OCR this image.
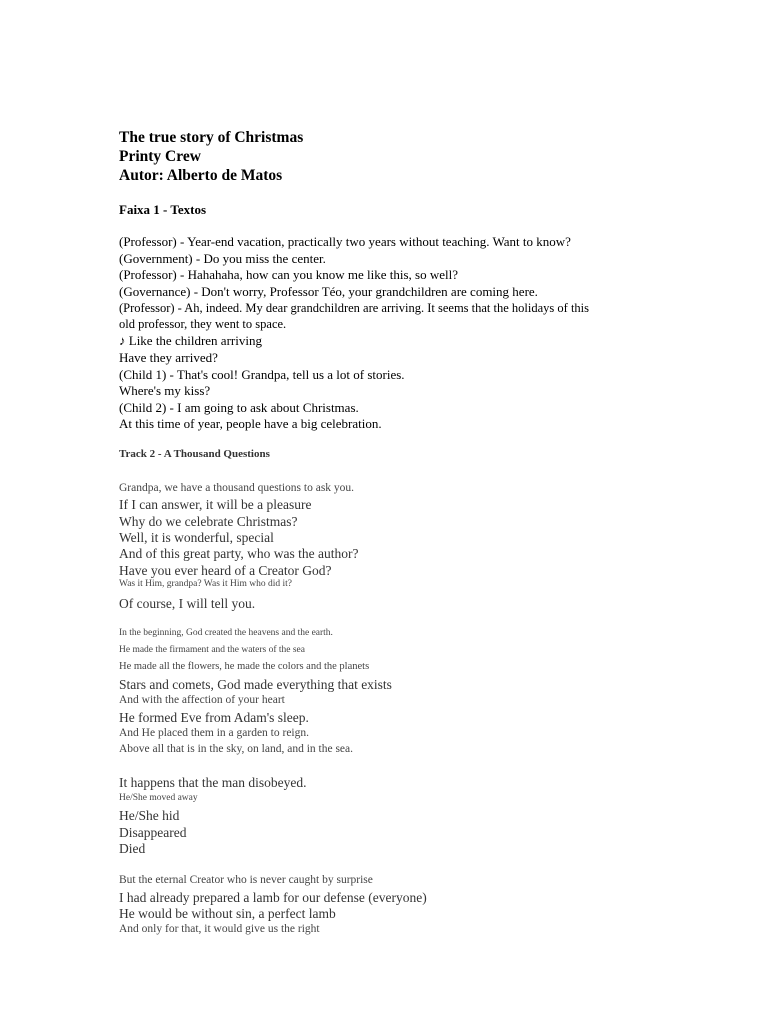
The true story of Christmas
Printy Crew
Autor: Alberto de Matos
Faixa 1 - Textos
(Professor) - Year-end vacation, practically two years without teaching. Want to know?
(Government) - Do you miss the center.
(Professor) - Hahahaha, how can you know me like this, so well?
(Governance) - Don't worry, Professor Téo, your grandchildren are coming here.
(Professor) - Ah, indeed. My dear grandchildren are arriving. It seems that the holidays of this
old professor, they went to space.
♪ Like the children arriving
Have they arrived?
(Child 1) - That's cool! Grandpa, tell us a lot of stories.
Where's my kiss?
(Child 2) - I am going to ask about Christmas.
At this time of year, people have a big celebration.
Track 2 - A Thousand Questions
Grandpa, we have a thousand questions to ask you.
If I can answer, it will be a pleasure
Why do we celebrate Christmas?
Well, it is wonderful, special
And of this great party, who was the author?
Have you ever heard of a Creator God?
Was it Him, grandpa? Was it Him who did it?
Of course, I will tell you.
In the beginning, God created the heavens and the earth.
He made the firmament and the waters of the sea
He made all the flowers, he made the colors and the planets
Stars and comets, God made everything that exists
And with the affection of your heart
He formed Eve from Adam's sleep.
And He placed them in a garden to reign.
Above all that is in the sky, on land, and in the sea.
It happens that the man disobeyed.
He/She moved away
He/She hid
Disappeared
Died
But the eternal Creator who is never caught by surprise
I had already prepared a lamb for our defense (everyone)
He would be without sin, a perfect lamb
And only for that, it would give us the right
